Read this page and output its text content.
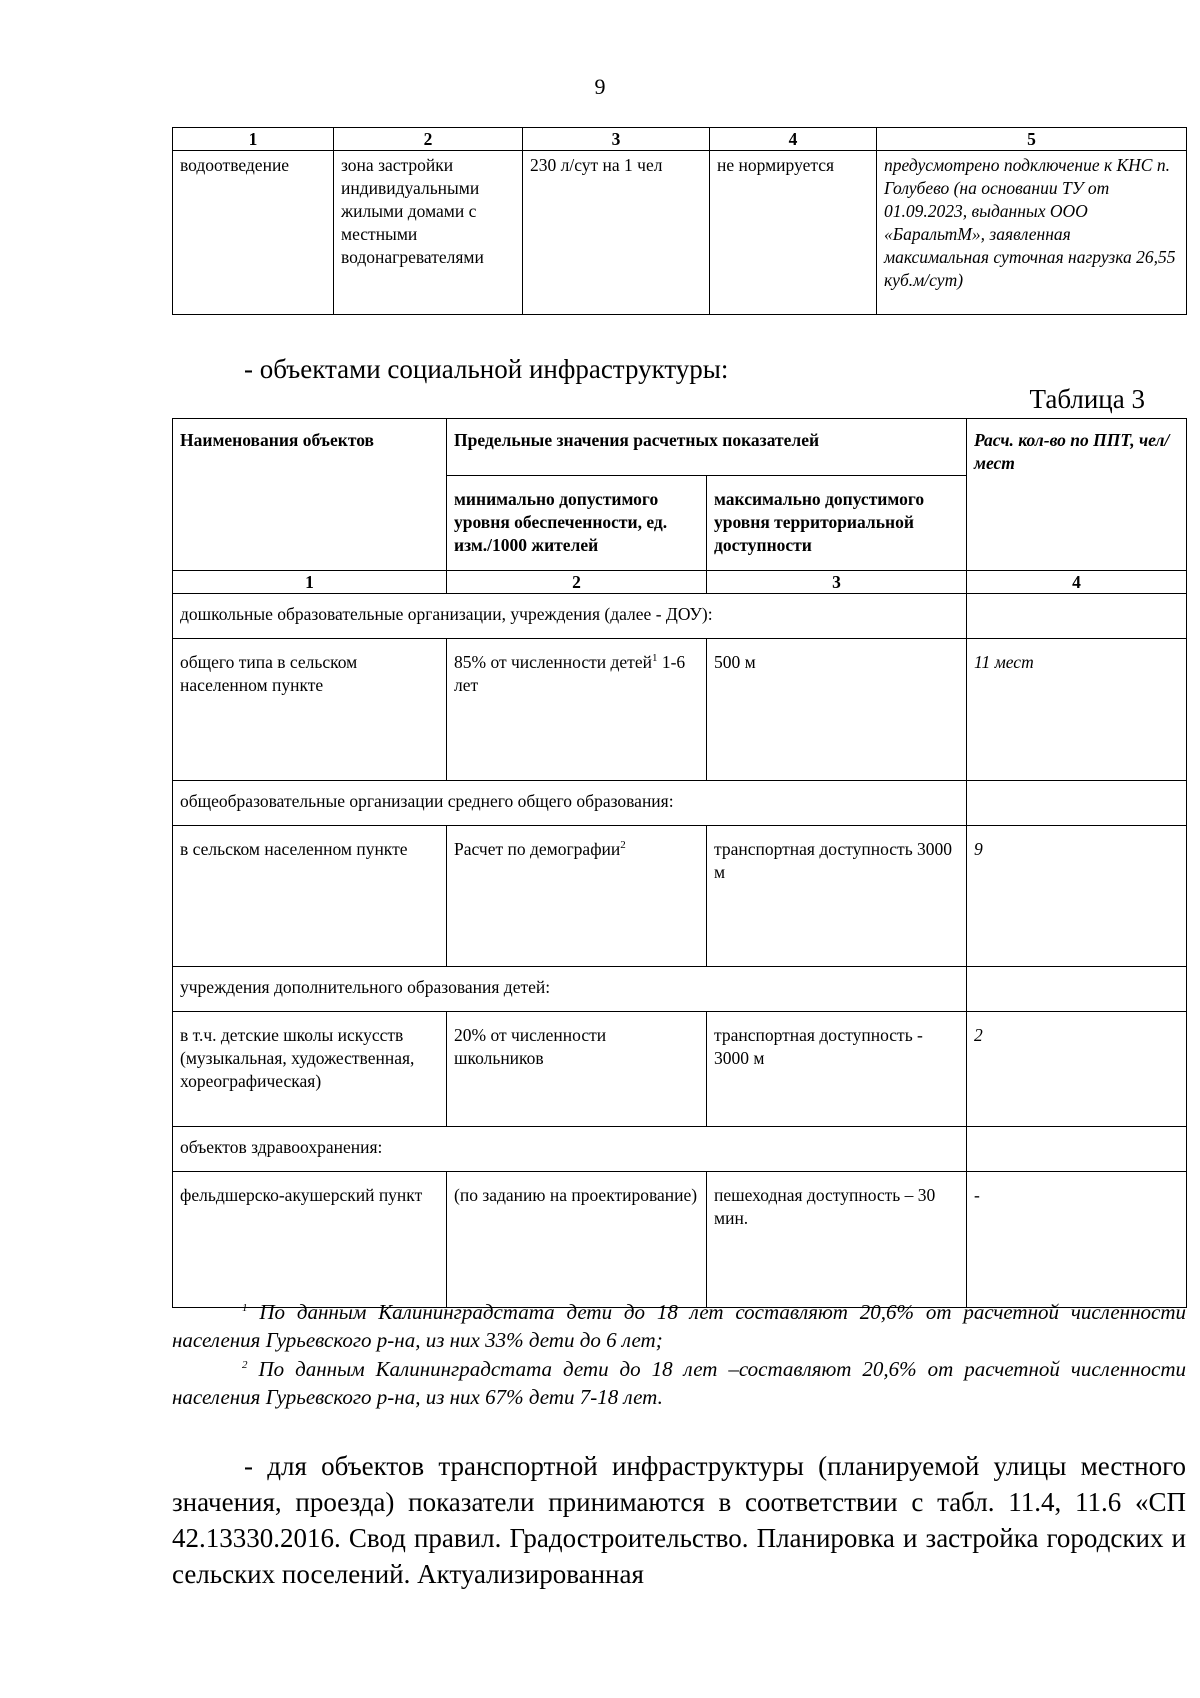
9
1	2	3	4	5
водоотведение	зона застройки индивидуальными жилыми домами с местными водонагревателями	230 л/сут на 1 чел	не нормируется	предусмотрено подключение к КНС п. Голубево (на основании ТУ от 01.09.2023, выданных ООО «БаральтМ», заявленная максимальная суточная нагрузка 26,55 куб.м/сут)
- объектами социальной инфраструктуры:
Таблица 3
Наименования объектов	Предельные значения расчетных показателей		Расч. кол-во по ППТ, чел/мест
	минимально допустимого уровня обеспеченности, ед. изм./1000 жителей	максимально допустимого уровня территориальной доступности	
1	2	3	4
дошкольные образовательные организации, учреждения (далее - ДОУ):			
общего типа в сельском населенном пункте	85% от численности детей$^1$ 1-6 лет	500 м	11 мест
общеобразовательные организации среднего общего образования:			
в сельском населенном пункте	Расчет по демографии$^2$	транспортная доступность 3000 м	9
учреждения дополнительного образования детей:			
в т.ч. детские школы искусств (музыкальная, художественная, хореографическая)	20% от численности школьников	транспортная доступность - 3000 м	2
объектов здравоохранения:			
фельдшерско-акушерский пункт	(по заданию на проектирование)	пешеходная доступность – 30 мин.	-
$^1$ По данным Калининградстата дети до 18 лет составляют 20,6% от расчетной численности населения Гурьевского р-на, из них 33% дети до 6 лет;
$^2$ По данным Калининградстата дети до 18 лет –составляют 20,6% от расчетной численности населения Гурьевского р-на, из них 67% дети 7-18 лет.
- для объектов транспортной инфраструктуры (планируемой улицы местного значения, проезда) показатели принимаются в соответствии с табл. 11.4, 11.6 «СП 42.13330.2016. Свод правил. Градостроительство. Планировка и застройка городских и сельских поселений. Актуализированная
